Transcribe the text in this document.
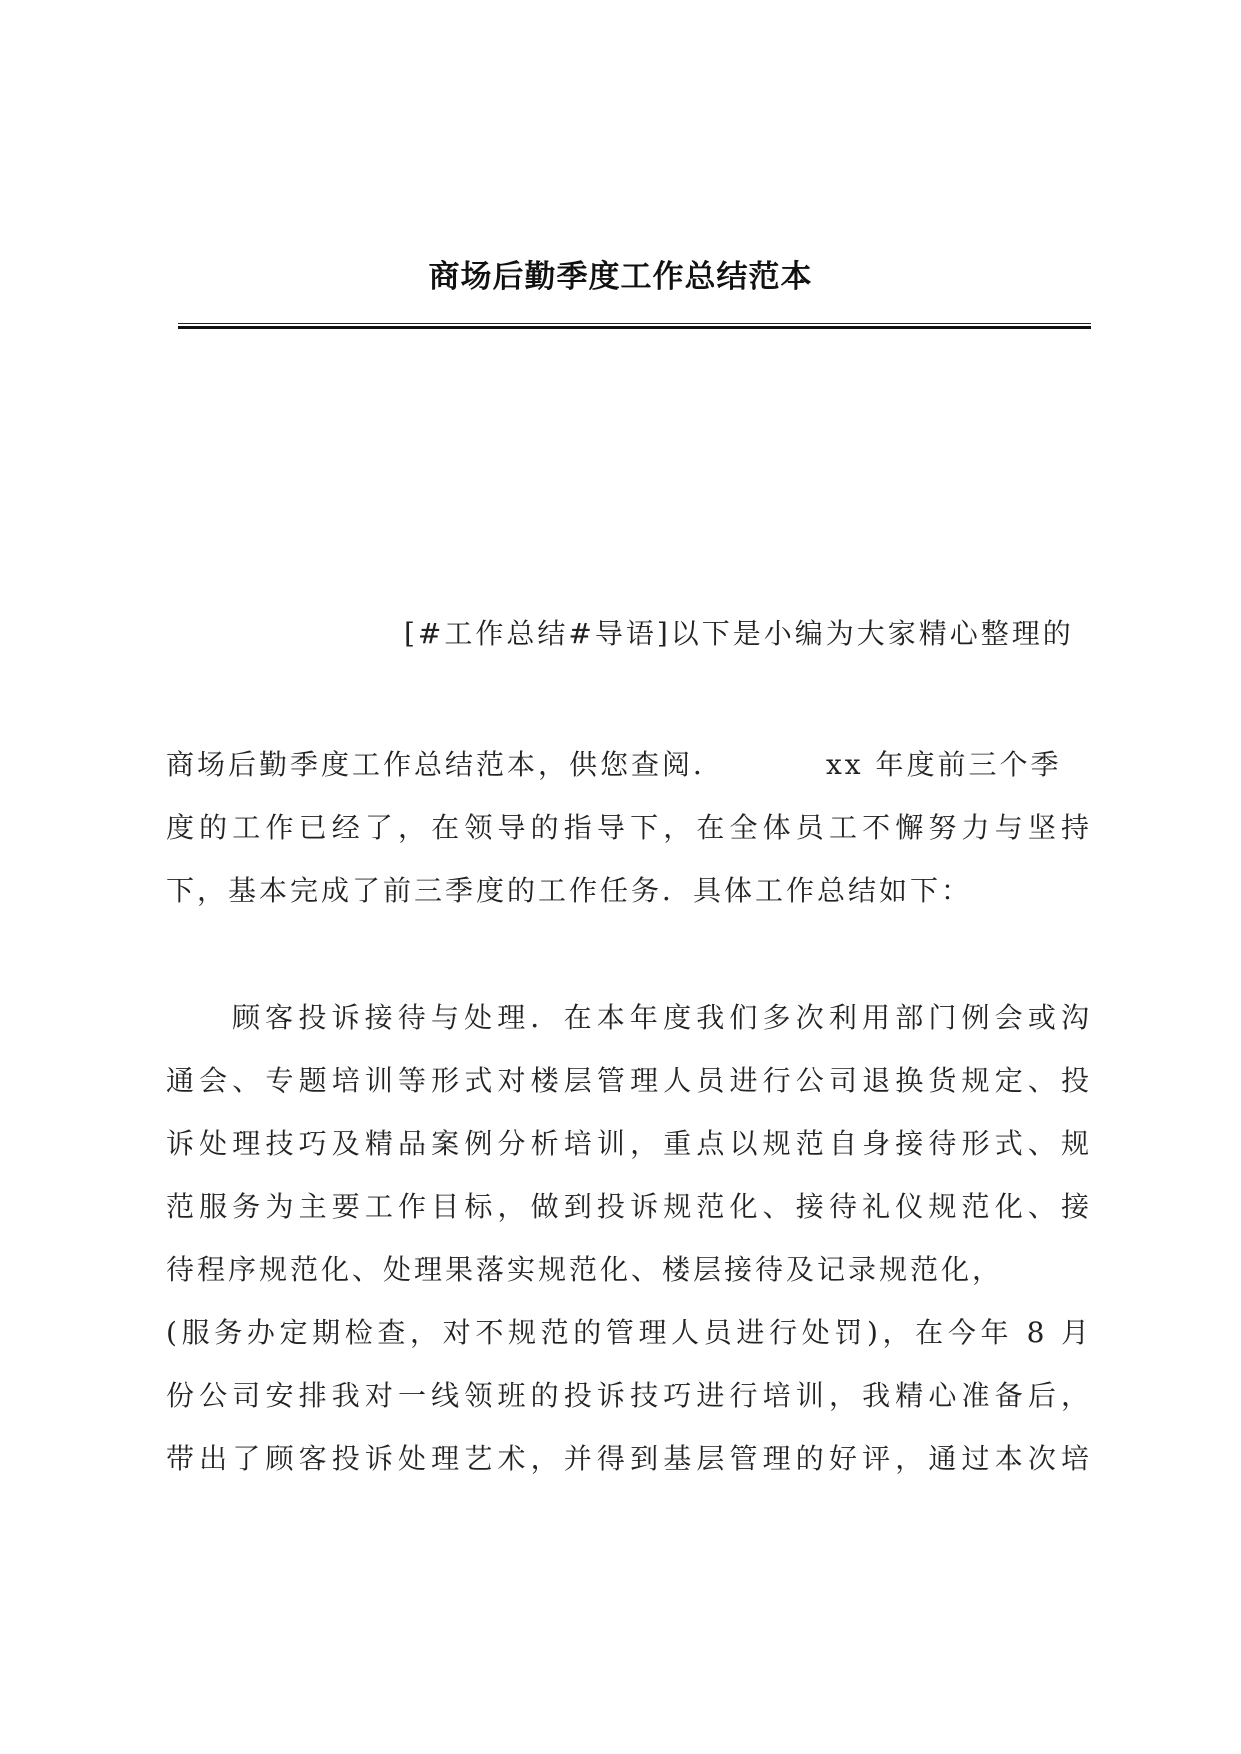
商场后勤季度工作总结范本
[#工作总结#导语]以下是小编为大家精心整理的
商场后勤季度工作总结范本，供您查阅．	xx 年度前三个季
度的工作已经了，在领导的指导下，在全体员工不懈努力与坚持
下，基本完成了前三季度的工作任务．具体工作总结如下：
顾客投诉接待与处理．在本年度我们多次利用部门例会或沟
通会、专题培训等形式对楼层管理人员进行公司退换货规定、投
诉处理技巧及精品案例分析培训，重点以规范自身接待形式、规
范服务为主要工作目标，做到投诉规范化、接待礼仪规范化、接
待程序规范化、处理果落实规范化、楼层接待及记录规范化，
(服务办定期检查，对不规范的管理人员进行处罚)，在今年 8 月
份公司安排我对一线领班的投诉技巧进行培训，我精心准备后，
带出了顾客投诉处理艺术，并得到基层管理的好评，通过本次培
